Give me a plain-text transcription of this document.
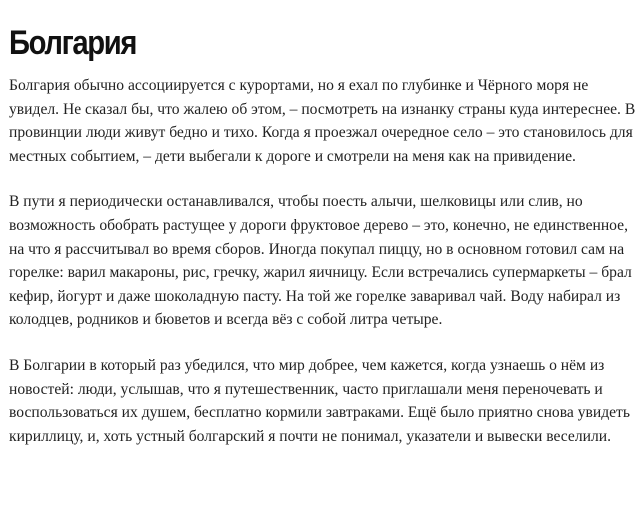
Болгария

Болгария обычно ассоциируется с курортами, но я ехал по глубинке и Чёрного моря не увидел. Не сказал бы, что жалею об этом, – посмотреть на изнанку страны куда интереснее. В провинции люди живут бедно и тихо. Когда я проезжал очередное село – это становилось для местных событием, – дети выбегали к дороге и смотрели на меня как на привидение.

В пути я периодически останавливался, чтобы поесть алычи, шелковицы или слив, но возможность обобрать растущее у дороги фруктовое дерево – это, конечно, не единственное, на что я рассчитывал во время сборов. Иногда покупал пиццу, но в основном готовил сам на горелке: варил макароны, рис, гречку, жарил яичницу. Если встречались супермаркеты – брал кефир, йогурт и даже шоколадную пасту. На той же горелке заваривал чай. Воду набирал из колодцев, родников и бюветов и всегда вёз с собой литра четыре.

В Болгарии в который раз убедился, что мир добрее, чем кажется, когда узнаешь о нём из новостей: люди, услышав, что я путешественник, часто приглашали меня переночевать и воспользоваться их душем, бесплатно кормили завтраками. Ещё было приятно снова увидеть кириллицу, и, хоть устный болгарский я почти не понимал, указатели и вывески веселили.
